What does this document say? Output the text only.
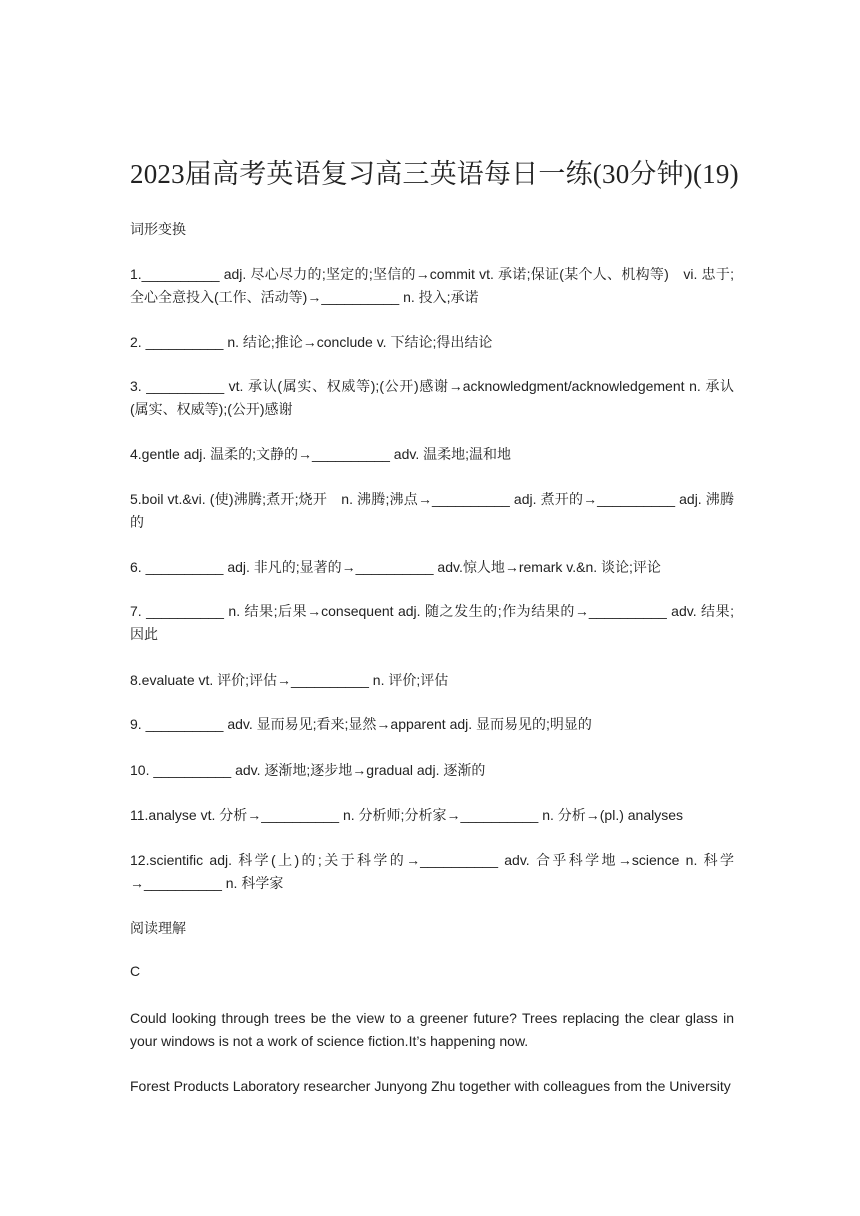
2023届高考英语复习高三英语每日一练(30分钟)(19)
词形变换
1.__________ adj. 尽心尽力的;坚定的;坚信的→commit vt. 承诺;保证(某个人、机构等)　vi. 忠于;全心全意投入(工作、活动等)→__________ n. 投入;承诺
2. __________ n. 结论;推论→conclude v. 下结论;得出结论
3. __________ vt. 承认(属实、权威等);(公开)感谢→acknowledgment/acknowledgement n. 承认(属实、权威等);(公开)感谢
4.gentle adj. 温柔的;文静的→__________ adv. 温柔地;温和地
5.boil vt.&vi. (使)沸腾;煮开;烧开　n. 沸腾;沸点→__________ adj. 煮开的→__________ adj. 沸腾的
6. __________ adj. 非凡的;显著的→__________ adv.惊人地→remark v.&n. 谈论;评论
7. __________ n. 结果;后果→consequent adj. 随之发生的;作为结果的→__________ adv. 结果;因此
8.evaluate vt. 评价;评估→__________ n. 评价;评估
9. __________ adv. 显而易见;看来;显然→apparent adj. 显而易见的;明显的
10. __________ adv. 逐渐地;逐步地→gradual adj. 逐渐的
11.analyse vt. 分析→__________ n. 分析师;分析家→__________ n. 分析→(pl.) analyses
12.scientific adj. 科学(上)的;关于科学的→__________ adv. 合乎科学地→science n. 科学→__________ n. 科学家
阅读理解
C
Could looking through trees be the view to a greener future? Trees replacing the clear glass in your windows is not a work of science fiction.It’s happening now.
Forest Products Laboratory researcher Junyong Zhu together with colleagues from the University
